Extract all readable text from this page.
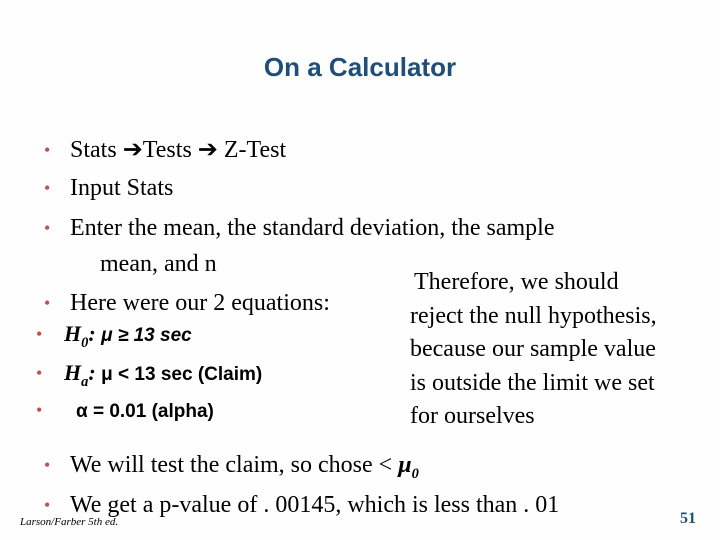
On a Calculator
• Stats ➔Tests ➔ Z-Test
• Input Stats
• Enter the mean, the standard deviation, the sample
mean, and n
• Here were our 2 equations:
• $H_0$: μ ≥ 13 sec
• $H_a$: μ < 13 sec (Claim)
• α = 0.01 (alpha)
Therefore, we should
reject the null hypothesis,
because our sample value
is outside the limit we set
for ourselves
• We will test the claim, so chose < $\mu_0$
• We get a p-value of . 00145, which is less than . 01
Larson/Farber 5th ed.	51
